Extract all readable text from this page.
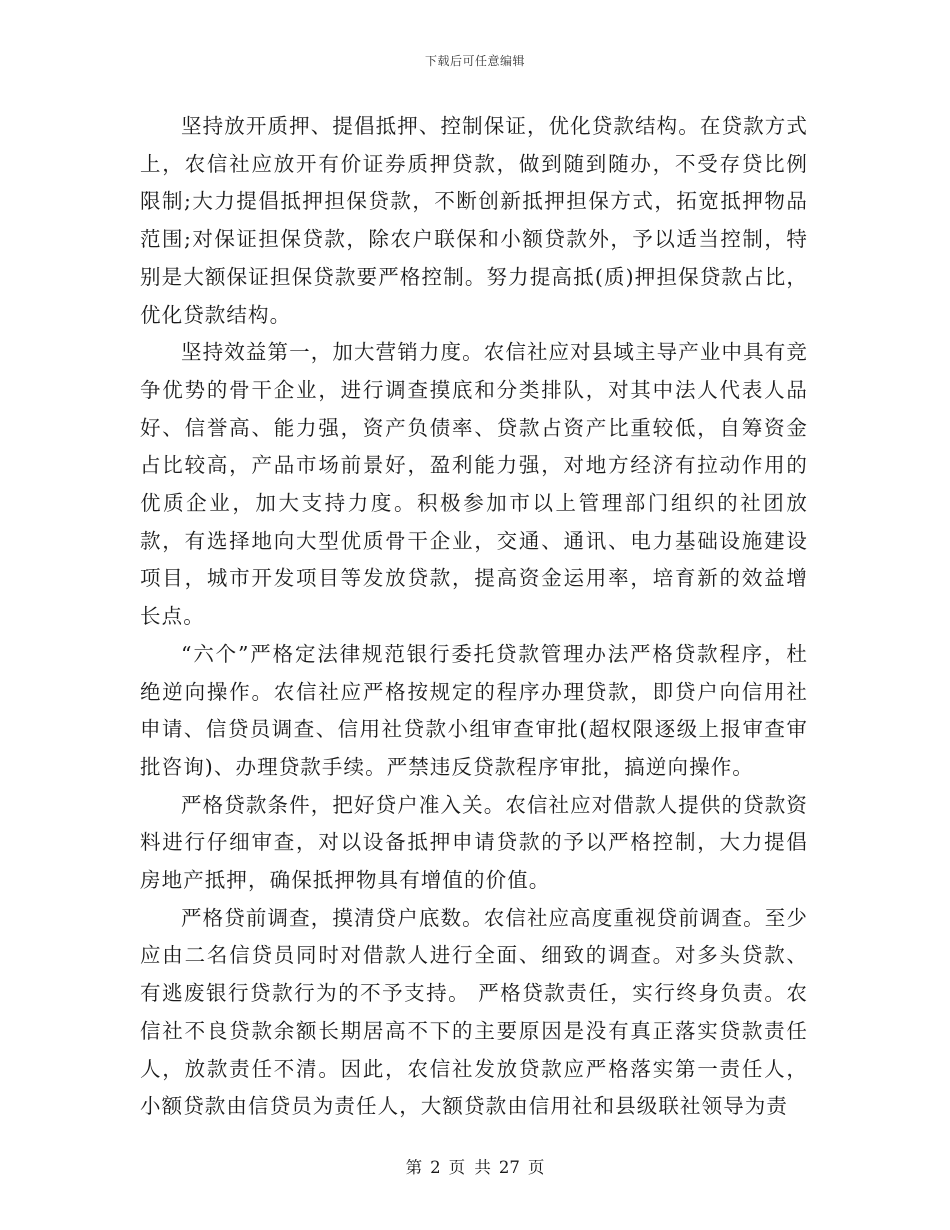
下载后可任意编辑

坚持放开质押、提倡抵押、控制保证，优化贷款结构。在贷款方式上，农信社应放开有价证券质押贷款，做到随到随办，不受存贷比例限制;大力提倡抵押担保贷款，不断创新抵押担保方式，拓宽抵押物品范围;对保证担保贷款，除农户联保和小额贷款外，予以适当控制，特别是大额保证担保贷款要严格控制。努力提高抵(质)押担保贷款占比，优化贷款结构。

坚持效益第一，加大营销力度。农信社应对县域主导产业中具有竞争优势的骨干企业，进行调查摸底和分类排队，对其中法人代表人品好、信誉高、能力强，资产负债率、贷款占资产比重较低，自筹资金占比较高，产品市场前景好，盈利能力强，对地方经济有拉动作用的优质企业，加大支持力度。积极参加市以上管理部门组织的社团放款，有选择地向大型优质骨干企业，交通、通讯、电力基础设施建设项目，城市开发项目等发放贷款，提高资金运用率，培育新的效益增长点。

“六个”严格定法律规范银行委托贷款管理办法严格贷款程序，杜绝逆向操作。农信社应严格按规定的程序办理贷款，即贷户向信用社申请、信贷员调查、信用社贷款小组审查审批(超权限逐级上报审查审批咨询)、办理贷款手续。严禁违反贷款程序审批，搞逆向操作。

严格贷款条件，把好贷户准入关。农信社应对借款人提供的贷款资料进行仔细审查，对以设备抵押申请贷款的予以严格控制，大力提倡房地产抵押，确保抵押物具有增值的价值。

严格贷前调查，摸清贷户底数。农信社应高度重视贷前调查。至少应由二名信贷员同时对借款人进行全面、细致的调查。对多头贷款、有逃废银行贷款行为的不予支持。 严格贷款责任，实行终身负责。农信社不良贷款余额长期居高不下的主要原因是没有真正落实贷款责任人，放款责任不清。因此，农信社发放贷款应严格落实第一责任人，小额贷款由信贷员为责任人，大额贷款由信用社和县级联社领导为责

第 2 页 共 27 页
